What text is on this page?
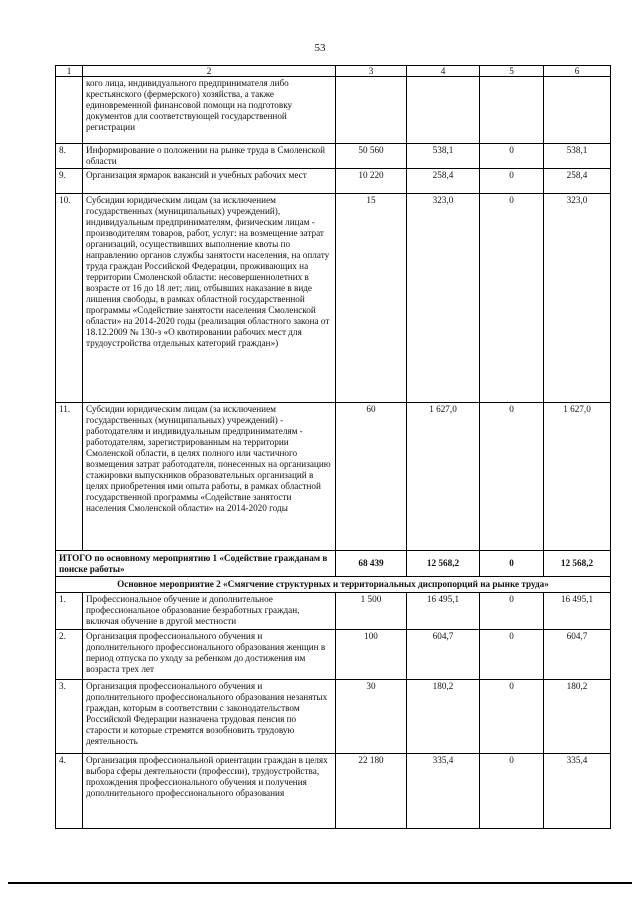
53
1	2	3	4	5	6
	кого лица, индивидуального предпринимателя либо крестьянского (фермерского) хозяйства, а также единовременной финансовой помощи на подготовку документов для соответствующей государственной регистрации				
8.	Информирование о положении на рынке труда в Смоленской области	50 560	538,1	0	538,1
9.	Организация ярмарок вакансий и учебных рабочих мест	10 220	258,4	0	258,4
10.	Субсидии юридическим лицам (за исключением государственных (муниципальных) учреждений), индивидуальным предпринимателям, физическим лицам - производителям товаров, работ, услуг: на возмещение затрат организаций, осуществивших выполнение квоты по направлению органов службы занятости населения, на оплату труда граждан Российской Федерации, проживающих на территории Смоленской области: несовершеннолетних в возрасте от 16 до 18 лет; лиц, отбывших наказание в виде лишения свободы, в рамках областной государственной программы «Содействие занятости населения Смоленской области» на 2014-2020 годы (реализация областного закона от 18.12.2009 № 130-з «О квотировании рабочих мест для трудоустройства отдельных категорий граждан»)	15	323,0	0	323,0
11.	Субсидии юридическим лицам (за исключением государственных (муниципальных) учреждений) - работодателям и индивидуальным предпринимателям - работодателям, зарегистрированным на территории Смоленской области, в целях полного или частичного возмещения затрат работодателя, понесенных на организацию стажировки выпускников образовательных организаций в целях приобретения ими опыта работы, в рамках областной государственной программы «Содействие занятости населения Смоленской области» на 2014-2020 годы	60	1 627,0	0	1 627,0
ИТОГО по основному мероприятию 1 «Содействие гражданам в поиске работы»		68 439	12 568,2	0	12 568,2
Основное мероприятие 2 «Смягчение структурных и территориальных диспропорций на рынке труда»					
1.	Профессиональное обучение и дополнительное профессиональное образование безработных граждан, включая обучение в другой местности	1 500	16 495,1	0	16 495,1
2.	Организация профессионального обучения и дополнительного профессионального образования женщин в период отпуска по уходу за ребенком до достижения им возраста трех лет	100	604,7	0	604,7
3.	Организация профессионального обучения и дополнительного профессионального образования незанятых граждан, которым в соответствии с законодательством Российской Федерации назначена трудовая пенсия по старости и которые стремятся возобновить трудовую деятельность	30	180,2	0	180,2
4.	Организация профессиональной ориентации граждан в целях выбора сферы деятельности (профессии), трудоустройства, прохождения профессионального обучения и получения дополнительного профессионального образования	22 180	335,4	0	335,4
